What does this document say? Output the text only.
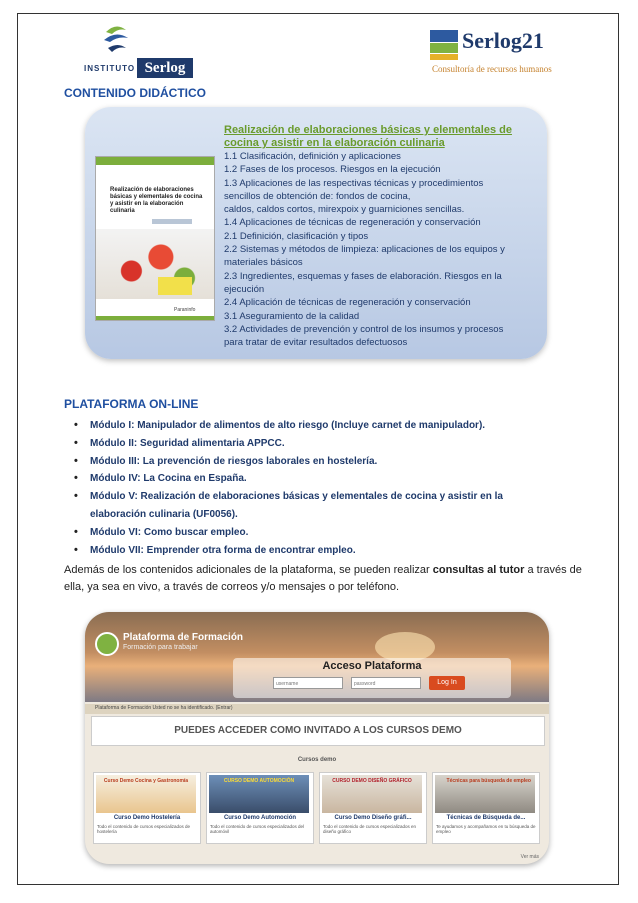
INSTITUTO Serlog
Serlog21
Consultoría de recursos humanos
CONTENIDO DIDÁCTICO
Realización de elaboraciones básicas y elementales de cocina y asistir en la elaboración culinaria
Paraninfo
Realización de elaboraciones básicas y elementales de cocina y asistir en la elaboración culinaria
1.1 Clasificación, definición y aplicaciones
1.2 Fases de los procesos. Riesgos en la ejecución
1.3 Aplicaciones de las respectivas técnicas y procedimientos
sencillos de obtención de: fondos de cocina,
caldos, caldos cortos, mirexpoix y guarniciones sencillas.
1.4 Aplicaciones de técnicas de regeneración y conservación
2.1 Definición, clasificación y tipos
2.2 Sistemas y métodos de limpieza: aplicaciones de los equipos y
materiales básicos
2.3 Ingredientes, esquemas y fases de elaboración. Riesgos en la
ejecución
2.4 Aplicación de técnicas de regeneración y conservación
3.1 Aseguramiento de la calidad
3.2 Actividades de prevención y control de los insumos y procesos
para tratar de evitar resultados defectuosos
PLATAFORMA ON-LINE
• Módulo I: Manipulador de alimentos de alto riesgo (Incluye carnet de manipulador).
• Módulo II: Seguridad alimentaria APPCC.
• Módulo III: La prevención de riesgos laborales en hostelería.
• Módulo IV: La Cocina en España.
• Módulo V: Realización de elaboraciones básicas y elementales de cocina y asistir en la
elaboración culinaria (UF0056).
• Módulo VI: Como buscar empleo.
• Módulo VII: Emprender otra forma de encontrar empleo.
Además de los contenidos adicionales de la plataforma, se pueden realizar consultas al tutor a través de ella, ya sea en vivo, a través de correos y/o mensajes o por teléfono.
Plataforma de Formación
Formación para trabajar
Acceso Plataforma
username	password	Log In
Plataforma de Formación Usted no se ha identificado. (Entrar)
PUEDES ACCEDER COMO INVITADO A LOS CURSOS DEMO
Cursos demo
Curso Demo Cocina y Gastronomía
Curso Demo Hostelería
Todo el contenido de cursos especializados de hostelería
CURSO DEMO AUTOMOCIÓN
Curso Demo Automoción
Todo el contenido de cursos especializados del automóvil
CURSO DEMO DISEÑO GRÁFICO
Curso Demo Diseño gráfi...
Todo el contenido de cursos especializados en diseño gráfico
Técnicas para búsqueda de empleo
Técnicas de Búsqueda de...
Te ayudamos y acompañamos en tu búsqueda de empleo
Ver más
